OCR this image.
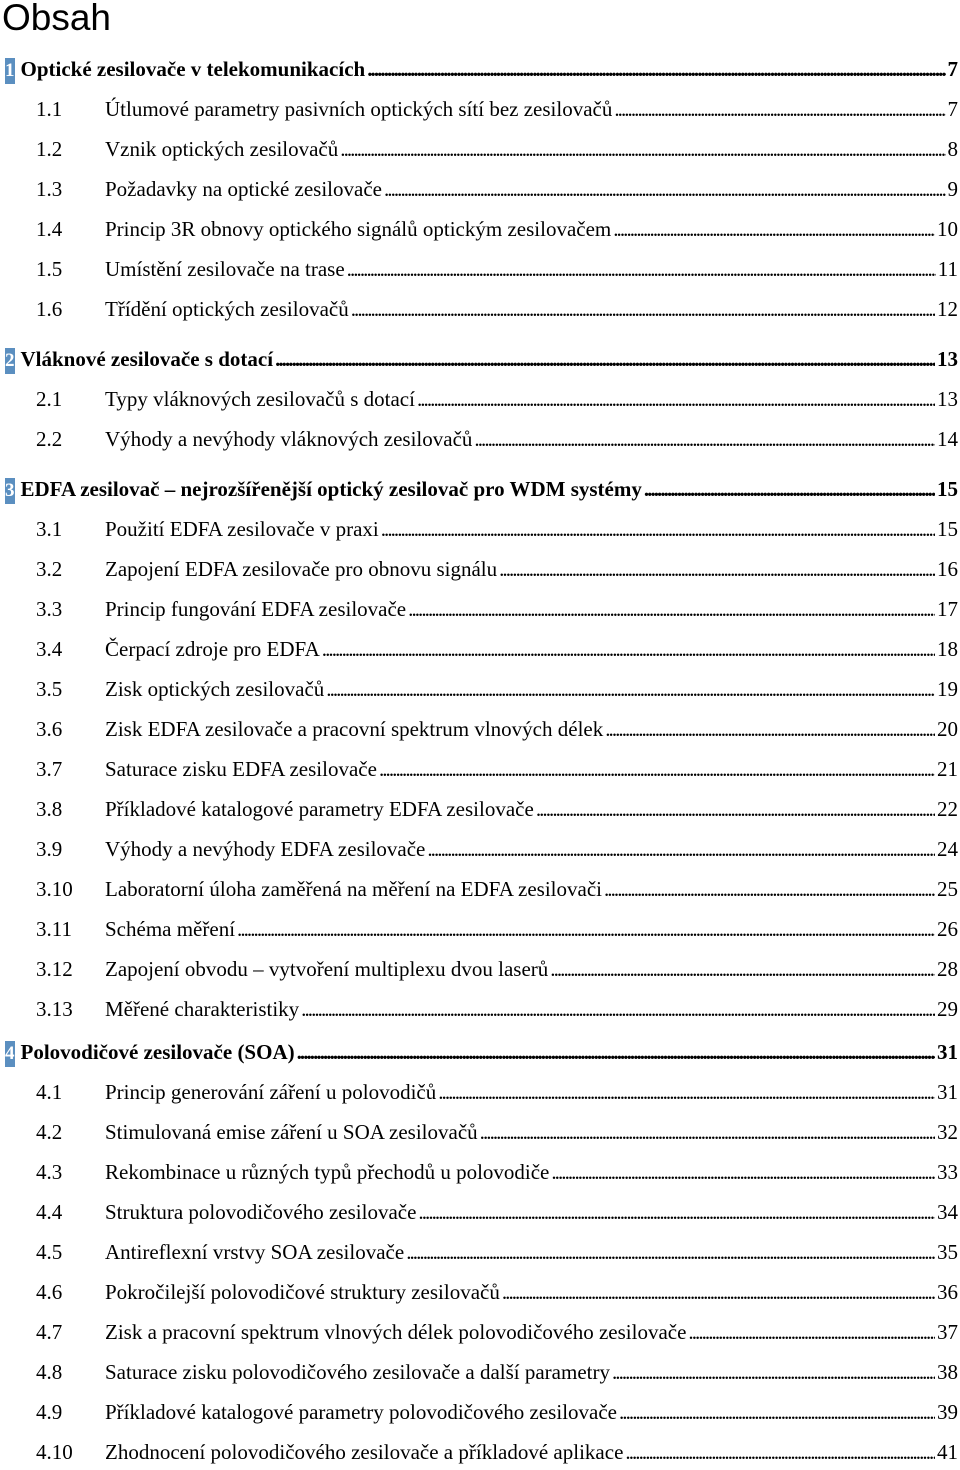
Obsah
1 Optické zesilovače v telekomunikacích . . .	7
1.1	Útlumové parametry pasivních optických sítí bez zesilovačů . . .	7
1.2	Vznik optických zesilovačů . . .	8
1.3	Požadavky na optické zesilovače . . .	9
1.4	Princip 3R obnovy optického signálů optickým zesilovačem . . .	10
1.5	Umístění zesilovače na trase . . .	11
1.6	Třídění optických zesilovačů . . .	12
2 Vláknové zesilovače s dotací . . .	13
2.1	Typy vláknových zesilovačů s dotací . . .	13
2.2	Výhody a nevýhody vláknových zesilovačů . . .	14
3 EDFA zesilovač – nejrozšířenější optický zesilovač pro WDM systémy . . .	15
3.1	Použití EDFA zesilovače v praxi . . .	15
3.2	Zapojení EDFA zesilovače pro obnovu signálu . . .	16
3.3	Princip fungování EDFA zesilovače . . .	17
3.4	Čerpací zdroje pro EDFA . . .	18
3.5	Zisk optických zesilovačů . . .	19
3.6	Zisk EDFA zesilovače a pracovní spektrum vlnových délek . . .	20
3.7	Saturace zisku EDFA zesilovače . . .	21
3.8	Příkladové katalogové parametry EDFA zesilovače . . .	22
3.9	Výhody a nevýhody EDFA zesilovače . . .	24
3.10	Laboratorní úloha zaměřená na měření na EDFA zesilovači . . .	25
3.11	Schéma měření . . .	26
3.12	Zapojení obvodu – vytvoření multiplexu dvou laserů . . .	28
3.13	Měřené charakteristiky . . .	29
4 Polovodičové zesilovače (SOA) . . .	31
4.1	Princip generování záření u polovodičů . . .	31
4.2	Stimulovaná emise záření u SOA zesilovačů . . .	32
4.3	Rekombinace u různých typů přechodů u polovodiče . . .	33
4.4	Struktura polovodičového zesilovače . . .	34
4.5	Antireflexní vrstvy SOA zesilovače . . .	35
4.6	Pokročilejší polovodičové struktury zesilovačů . . .	36
4.7	Zisk a pracovní spektrum vlnových délek polovodičového zesilovače . . .	37
4.8	Saturace zisku polovodičového zesilovače a další parametry . . .	38
4.9	Příkladové katalogové parametry polovodičového zesilovače . . .	39
4.10	Zhodnocení polovodičového zesilovače a příkladové aplikace . . .	41
